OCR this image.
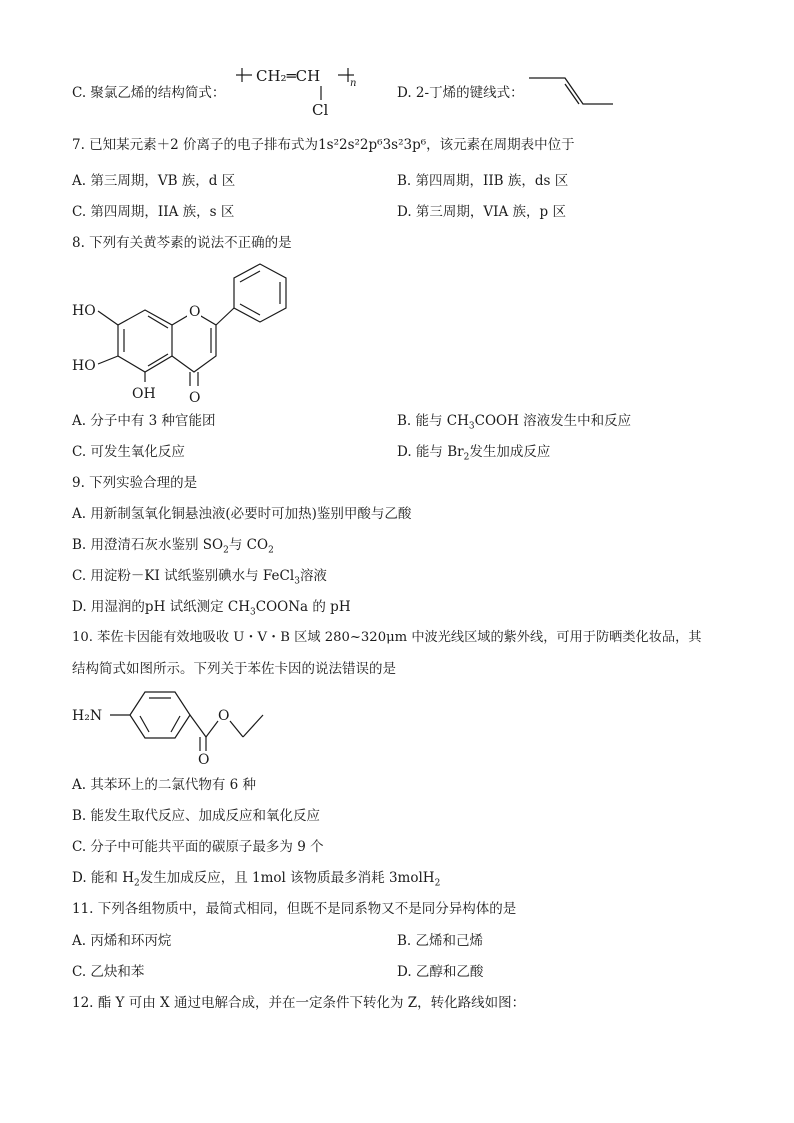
C. 聚氯乙烯的结构简式：
CH₂═CH	n
Cl
D. 2-丁烯的键线式：
7. 已知某元素＋2 价离子的电子排布式为1s²2s²2p⁶3s²3p⁶，该元素在周期表中位于
A. 第三周期，VB 族，d 区	B. 第四周期，IIB 族，ds 区
C. 第四周期，IIA 族，s 区	D. 第三周期，VIA 族，p 区
8. 下列有关黄芩素的说法不正确的是
O
O
HO
HO
OH
A. 分子中有 3 种官能团	B. 能与 $CH_3COOH$ 溶液发生中和反应
C. 可发生氧化反应	D. 能与 $Br_2$发生加成反应
9. 下列实验合理的是
A. 用新制氢氧化铜悬浊液(必要时可加热)鉴别甲酸与乙酸
B. 用澄清石灰水鉴别 $SO_2$与 $CO_2$
C. 用淀粉－KI 试纸鉴别碘水与 FeCl$_3$溶液
D. 用湿润的pH 试纸测定 $CH_3COONa$ 的 pH
10. 苯佐卡因能有效地吸收 U・V・B 区域 280~320μm 中波光线区域的紫外线，可用于防晒类化妆品，其
结构简式如图所示。下列关于苯佐卡因的说法错误的是
H₂N	O
O
A. 其苯环上的二氯代物有 6 种
B. 能发生取代反应、加成反应和氧化反应
C. 分子中可能共平面的碳原子最多为 9 个
D. 能和 $H_2$发生加成反应，且 1mol 该物质最多消耗 3molH$_2$
11. 下列各组物质中，最简式相同，但既不是同系物又不是同分异构体的是
A. 丙烯和环丙烷	B. 乙烯和己烯
C. 乙炔和苯	D. 乙醇和乙酸
12. 酯 Y 可由 X 通过电解合成，并在一定条件下转化为 Z，转化路线如图：
